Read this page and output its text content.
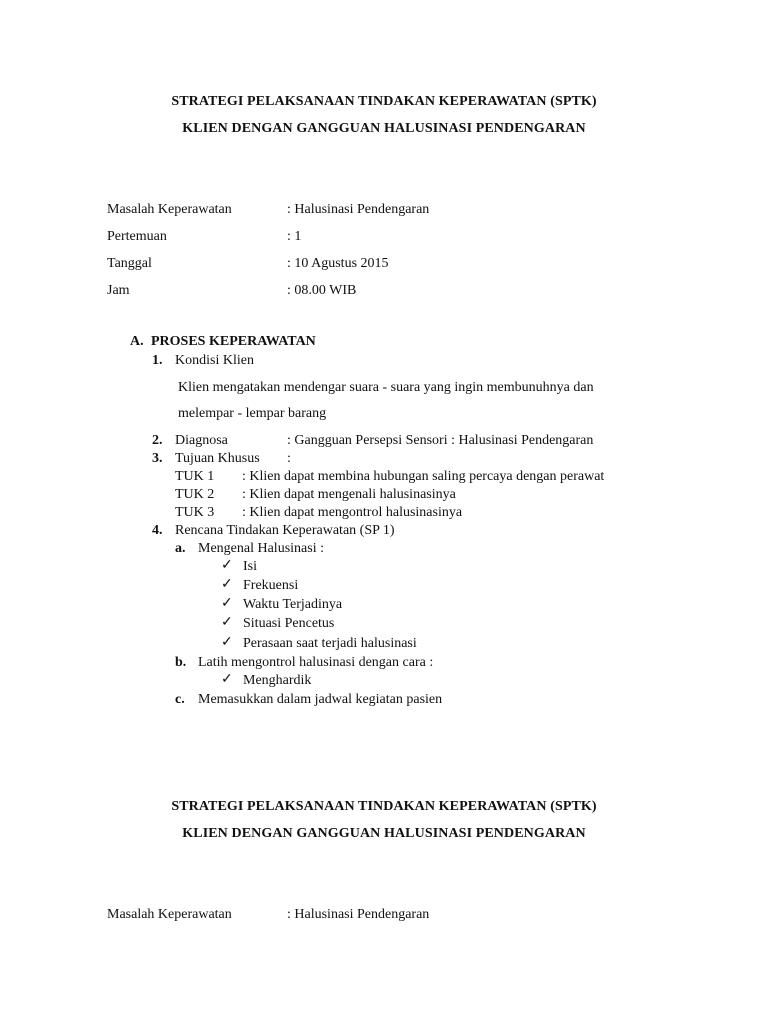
STRATEGI PELAKSANAAN TINDAKAN KEPERAWATAN (SPTK)
KLIEN DENGAN GANGGUAN HALUSINASI PENDENGARAN
Masalah Keperawatan	: Halusinasi Pendengaran
Pertemuan	: 1
Tanggal	: 10 Agustus 2015
Jam	: 08.00 WIB
A. PROSES KEPERAWATAN
1. Kondisi Klien
Klien mengatakan mendengar suara - suara yang ingin membunuhnya dan
melempar - lempar barang
2. Diagnosa	: Gangguan Persepsi Sensori : Halusinasi Pendengaran
3. Tujuan Khusus :
TUK 1 : Klien dapat membina hubungan saling percaya dengan perawat
TUK 2 : Klien dapat mengenali halusinasinya
TUK 3 : Klien dapat mengontrol halusinasinya
4. Rencana Tindakan Keperawatan (SP 1)
a. Mengenal Halusinasi :
✓ Isi
✓ Frekuensi
✓ Waktu Terjadinya
✓ Situasi Pencetus
✓ Perasaan saat terjadi halusinasi
b. Latih mengontrol halusinasi dengan cara :
✓ Menghardik
c. Memasukkan dalam jadwal kegiatan pasien
STRATEGI PELAKSANAAN TINDAKAN KEPERAWATAN (SPTK)
KLIEN DENGAN GANGGUAN HALUSINASI PENDENGARAN
Masalah Keperawatan	: Halusinasi Pendengaran
